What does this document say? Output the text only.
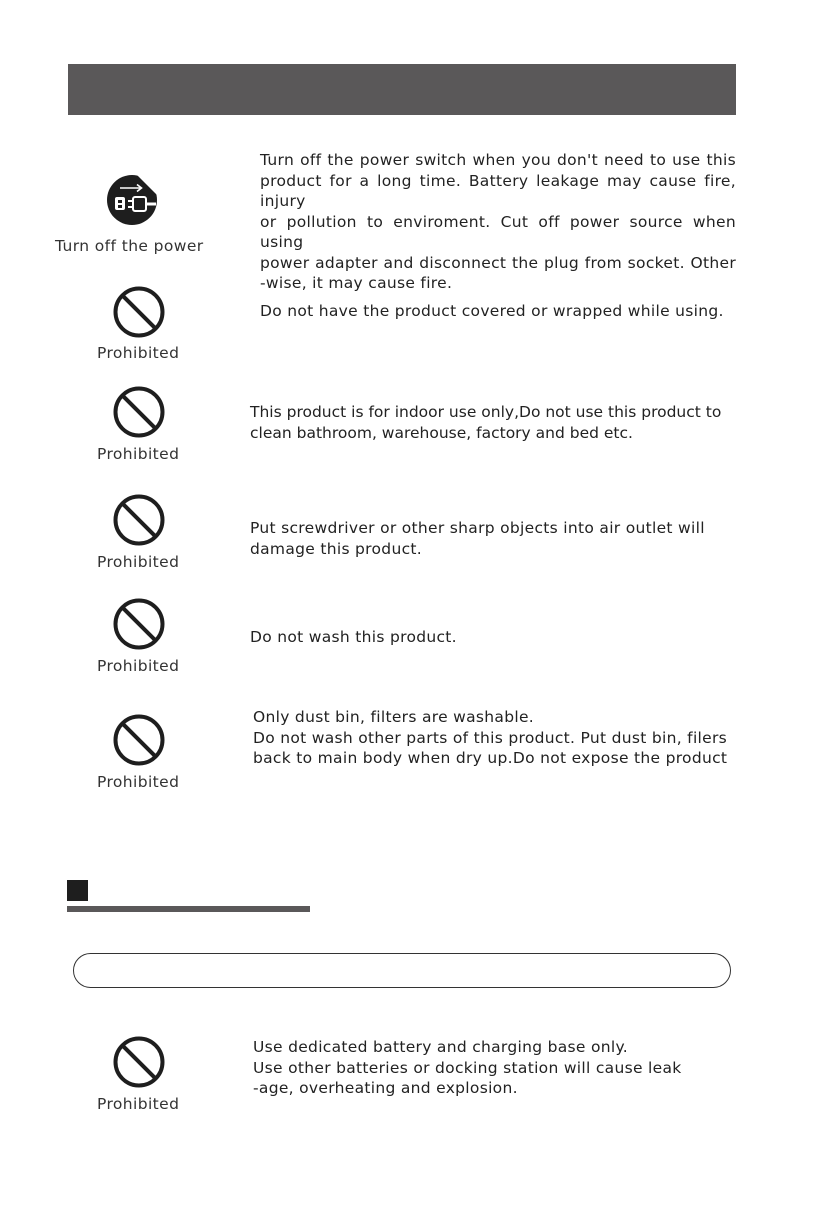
Turn off the power
Turn off the power switch when you don't need to use this
product for a long time. Battery leakage may cause fire, injury
or pollution to enviroment. Cut off power source when using
power adapter and disconnect the plug from socket. Other
-wise, it may cause fire.
Prohibited
Do not have the product covered or wrapped while using.
Prohibited
This product is for indoor use only,Do not use this product to
clean bathroom, warehouse, factory and bed etc.
Prohibited
Put screwdriver or other sharp objects into air outlet will
damage this product.
Prohibited
Do not wash this product.
Prohibited
Only dust bin, filters are washable.
Do not wash other parts of this product. Put dust bin, filers
back to main body when dry up.Do not expose the product
Prohibited
Use dedicated battery and charging base only.
Use other batteries or docking station will cause leak
-age, overheating and explosion.
